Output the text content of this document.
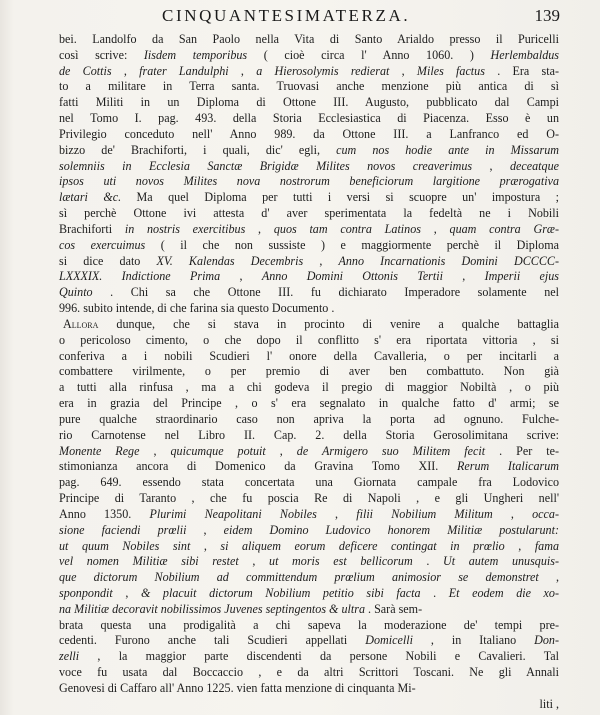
CINQUANTESIMATERZA.	139
bei. Landolfo da San Paolo nella Vita di Santo Arialdo presso il Puricelli
così scrive: Iisdem temporibus ( cioè circa l' Anno 1060. ) Herlembaldus
de Cottis , frater Landulphi , a Hierosolymis redierat , Miles factus . Era sta-
to a militare in Terra santa. Truovasi anche menzione più antica di sì
fatti Militi in un Diploma di Ottone III. Augusto, pubblicato dal Campi
nel Tomo I. pag. 493. della Storia Ecclesiastica di Piacenza. Esso è un
Privilegio conceduto nell' Anno 989. da Ottone III. a Lanfranco ed O-
bizzo de' Brachiforti, i quali, dic' egli, cum nos hodie ante in Missarum
solemniis in Ecclesia Sanctæ Brigidæ Milites novos creaverimus , deceatque
ipsos uti novos Milites nova nostrorum beneficiorum largitione prærogativa
lætari &c. Ma quel Diploma per tutti i versi si scuopre un' impostura ;
sì perchè Ottone ivi attesta d' aver sperimentata la fedeltà ne i Nobili
Brachiforti in nostris exercitibus , quos tam contra Latinos , quam contra Græ-
cos exercuimus ( il che non sussiste ) e maggiormente perchè il Diploma
si dice dato XV. Kalendas Decembris , Anno Incarnationis Domini DCCCC-
LXXXIX. Indictione Prima , Anno Domini Ottonis Tertii , Imperii ejus
Quinto . Chi sa che Ottone III. fu dichiarato Imperadore solamente nel
996. subito intende, di che farina sia questo Documento .
Allora dunque, che si stava in procinto di venire a qualche battaglia
o pericoloso cimento, o che dopo il conflitto s' era riportata vittoria , si
conferiva a i nobili Scudieri l' onore della Cavalleria, o per incitarli a
combattere virilmente, o per premio di aver ben combattuto. Non già
a tutti alla rinfusa , ma a chi godeva il pregio di maggior Nobiltà , o più
era in grazia del Principe , o s' era segnalato in qualche fatto d' armi; se
pure qualche straordinario caso non apriva la porta ad ognuno. Fulche-
rio Carnotense nel Libro II. Cap. 2. della Storia Gerosolimitana scrive:
Monente Rege , quicumque potuit , de Armigero suo Militem fecit . Per te-
stimonianza ancora di Domenico da Gravina Tomo XII. Rerum Italicarum
pag. 649. essendo stata concertata una Giornata campale fra Lodovico
Principe di Taranto , che fu poscia Re di Napoli , e gli Ungheri nell'
Anno 1350. Plurimi Neapolitani Nobiles , filii Nobilium Militum , occa-
sione faciendi prœlii , eidem Domino Ludovico honorem Militiæ postularunt:
ut quum Nobiles sint , si aliquem eorum deficere contingat in prœlio , fama
vel nomen Militiæ sibi restet , ut moris est bellicorum . Ut autem unusquis-
que dictorum Nobilium ad committendum prœlium animosior se demonstret ,
sponpondit , & placuit dictorum Nobilium petitio sibi facta . Et eodem die xo-
na Militiæ decoravit nobilissimos Juvenes septingentos & ultra . Sarà sem-
brata questa una prodigalità a chi sapeva la moderazione de' tempi pre-
cedenti. Furono anche tali Scudieri appellati Domicelli , in Italiano Don-
zelli , la maggior parte discendenti da persone Nobili e Cavalieri. Tal
voce fu usata dal Boccaccio , e da altri Scrittori Toscani. Ne gli Annali
Genovesi di Caffaro all' Anno 1225. vien fatta menzione di cinquanta Mi-
liti ,
